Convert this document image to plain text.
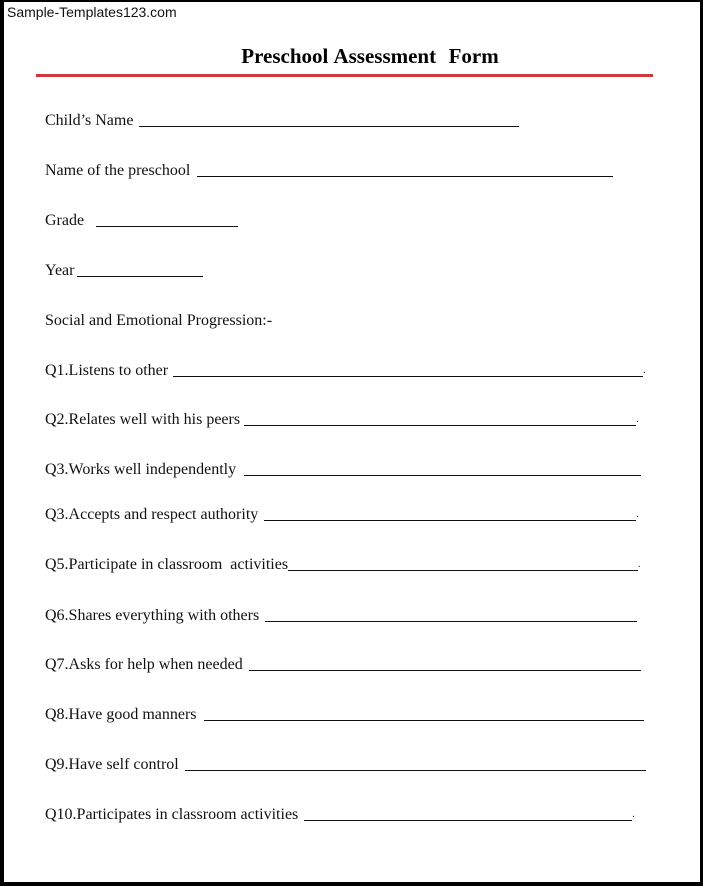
Sample-Templates123.com
Preschool Assessment  Form
Child’s Name
Name of the preschool
Grade
Year
Social and Emotional Progression:-
Q1.Listens to other	.
Q2.Relates well with his peers	.
Q3.Works well independently
Q3.Accepts and respect authority	.
Q5.Participate in classroom  activities	.
Q6.Shares everything with others
Q7.Asks for help when needed
Q8.Have good manners
Q9.Have self control
Q10.Participates in classroom activities	.
